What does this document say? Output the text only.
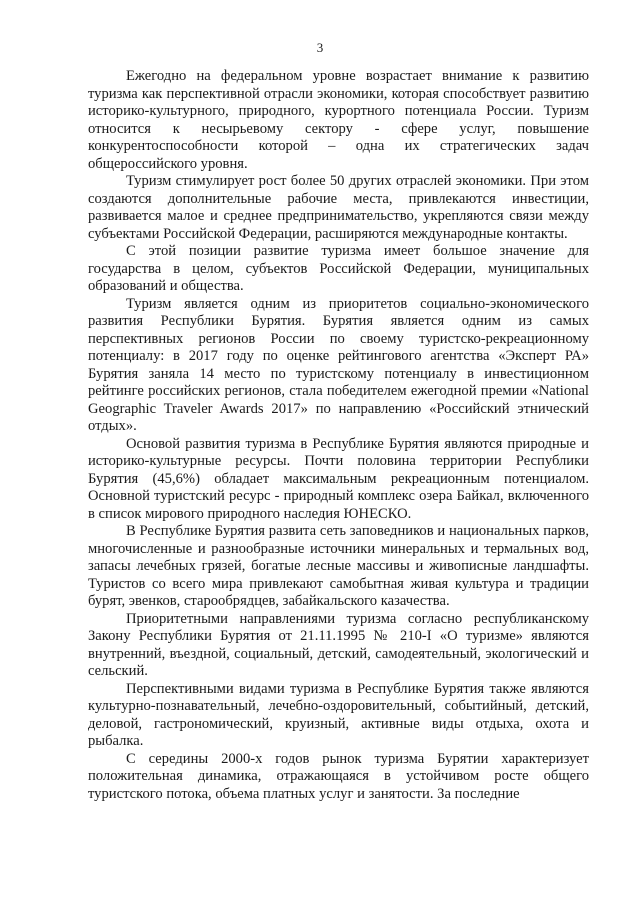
3

Ежегодно на федеральном уровне возрастает внимание к развитию туризма как перспективной отрасли экономики, которая способствует развитию историко-культурного, природного, курортного потенциала России. Туризм относится к несырьевому сектору - сфере услуг, повышение конкурентоспособности которой – одна их стратегических задач общероссийского уровня.

Туризм стимулирует рост более 50 других отраслей экономики. При этом создаются дополнительные рабочие места, привлекаются инвестиции, развивается малое и среднее предпринимательство, укрепляются связи между субъектами Российской Федерации, расширяются международные контакты.

С этой позиции развитие туризма имеет большое значение для государства в целом, субъектов Российской Федерации, муниципальных образований и общества.

Туризм является одним из приоритетов социально-экономического развития Республики Бурятия. Бурятия является одним из самых перспективных регионов России по своему туристско-рекреационному потенциалу: в 2017 году по оценке рейтингового агентства «Эксперт РА» Бурятия заняла 14 место по туристскому потенциалу в инвестиционном рейтинге российских регионов, стала победителем ежегодной премии «National Geographic Traveler Awards 2017» по направлению «Российский этнический отдых».

Основой развития туризма в Республике Бурятия являются природные и историко-культурные ресурсы. Почти половина территории Республики Бурятия (45,6%) обладает максимальным рекреационным потенциалом. Основной туристский ресурс - природный комплекс озера Байкал, включенного в список мирового природного наследия ЮНЕСКО.

В Республике Бурятия развита сеть заповедников и национальных парков, многочисленные и разнообразные источники минеральных и термальных вод, запасы лечебных грязей, богатые лесные массивы и живописные ландшафты. Туристов со всего мира привлекают самобытная живая культура и традиции бурят, эвенков, старообрядцев, забайкальского казачества.

Приоритетными направлениями туризма согласно республиканскому Закону Республики Бурятия от 21.11.1995 № 210-I «О туризме» являются внутренний, въездной, социальный, детский, самодеятельный, экологический и сельский.

Перспективными видами туризма в Республике Бурятия также являются культурно-познавательный, лечебно-оздоровительный, событийный, детский, деловой, гастрономический, круизный, активные виды отдыха, охота и рыбалка.

С середины 2000-х годов рынок туризма Бурятии характеризует положительная динамика, отражающаяся в устойчивом росте общего туристского потока, объема платных услуг и занятости. За последние
